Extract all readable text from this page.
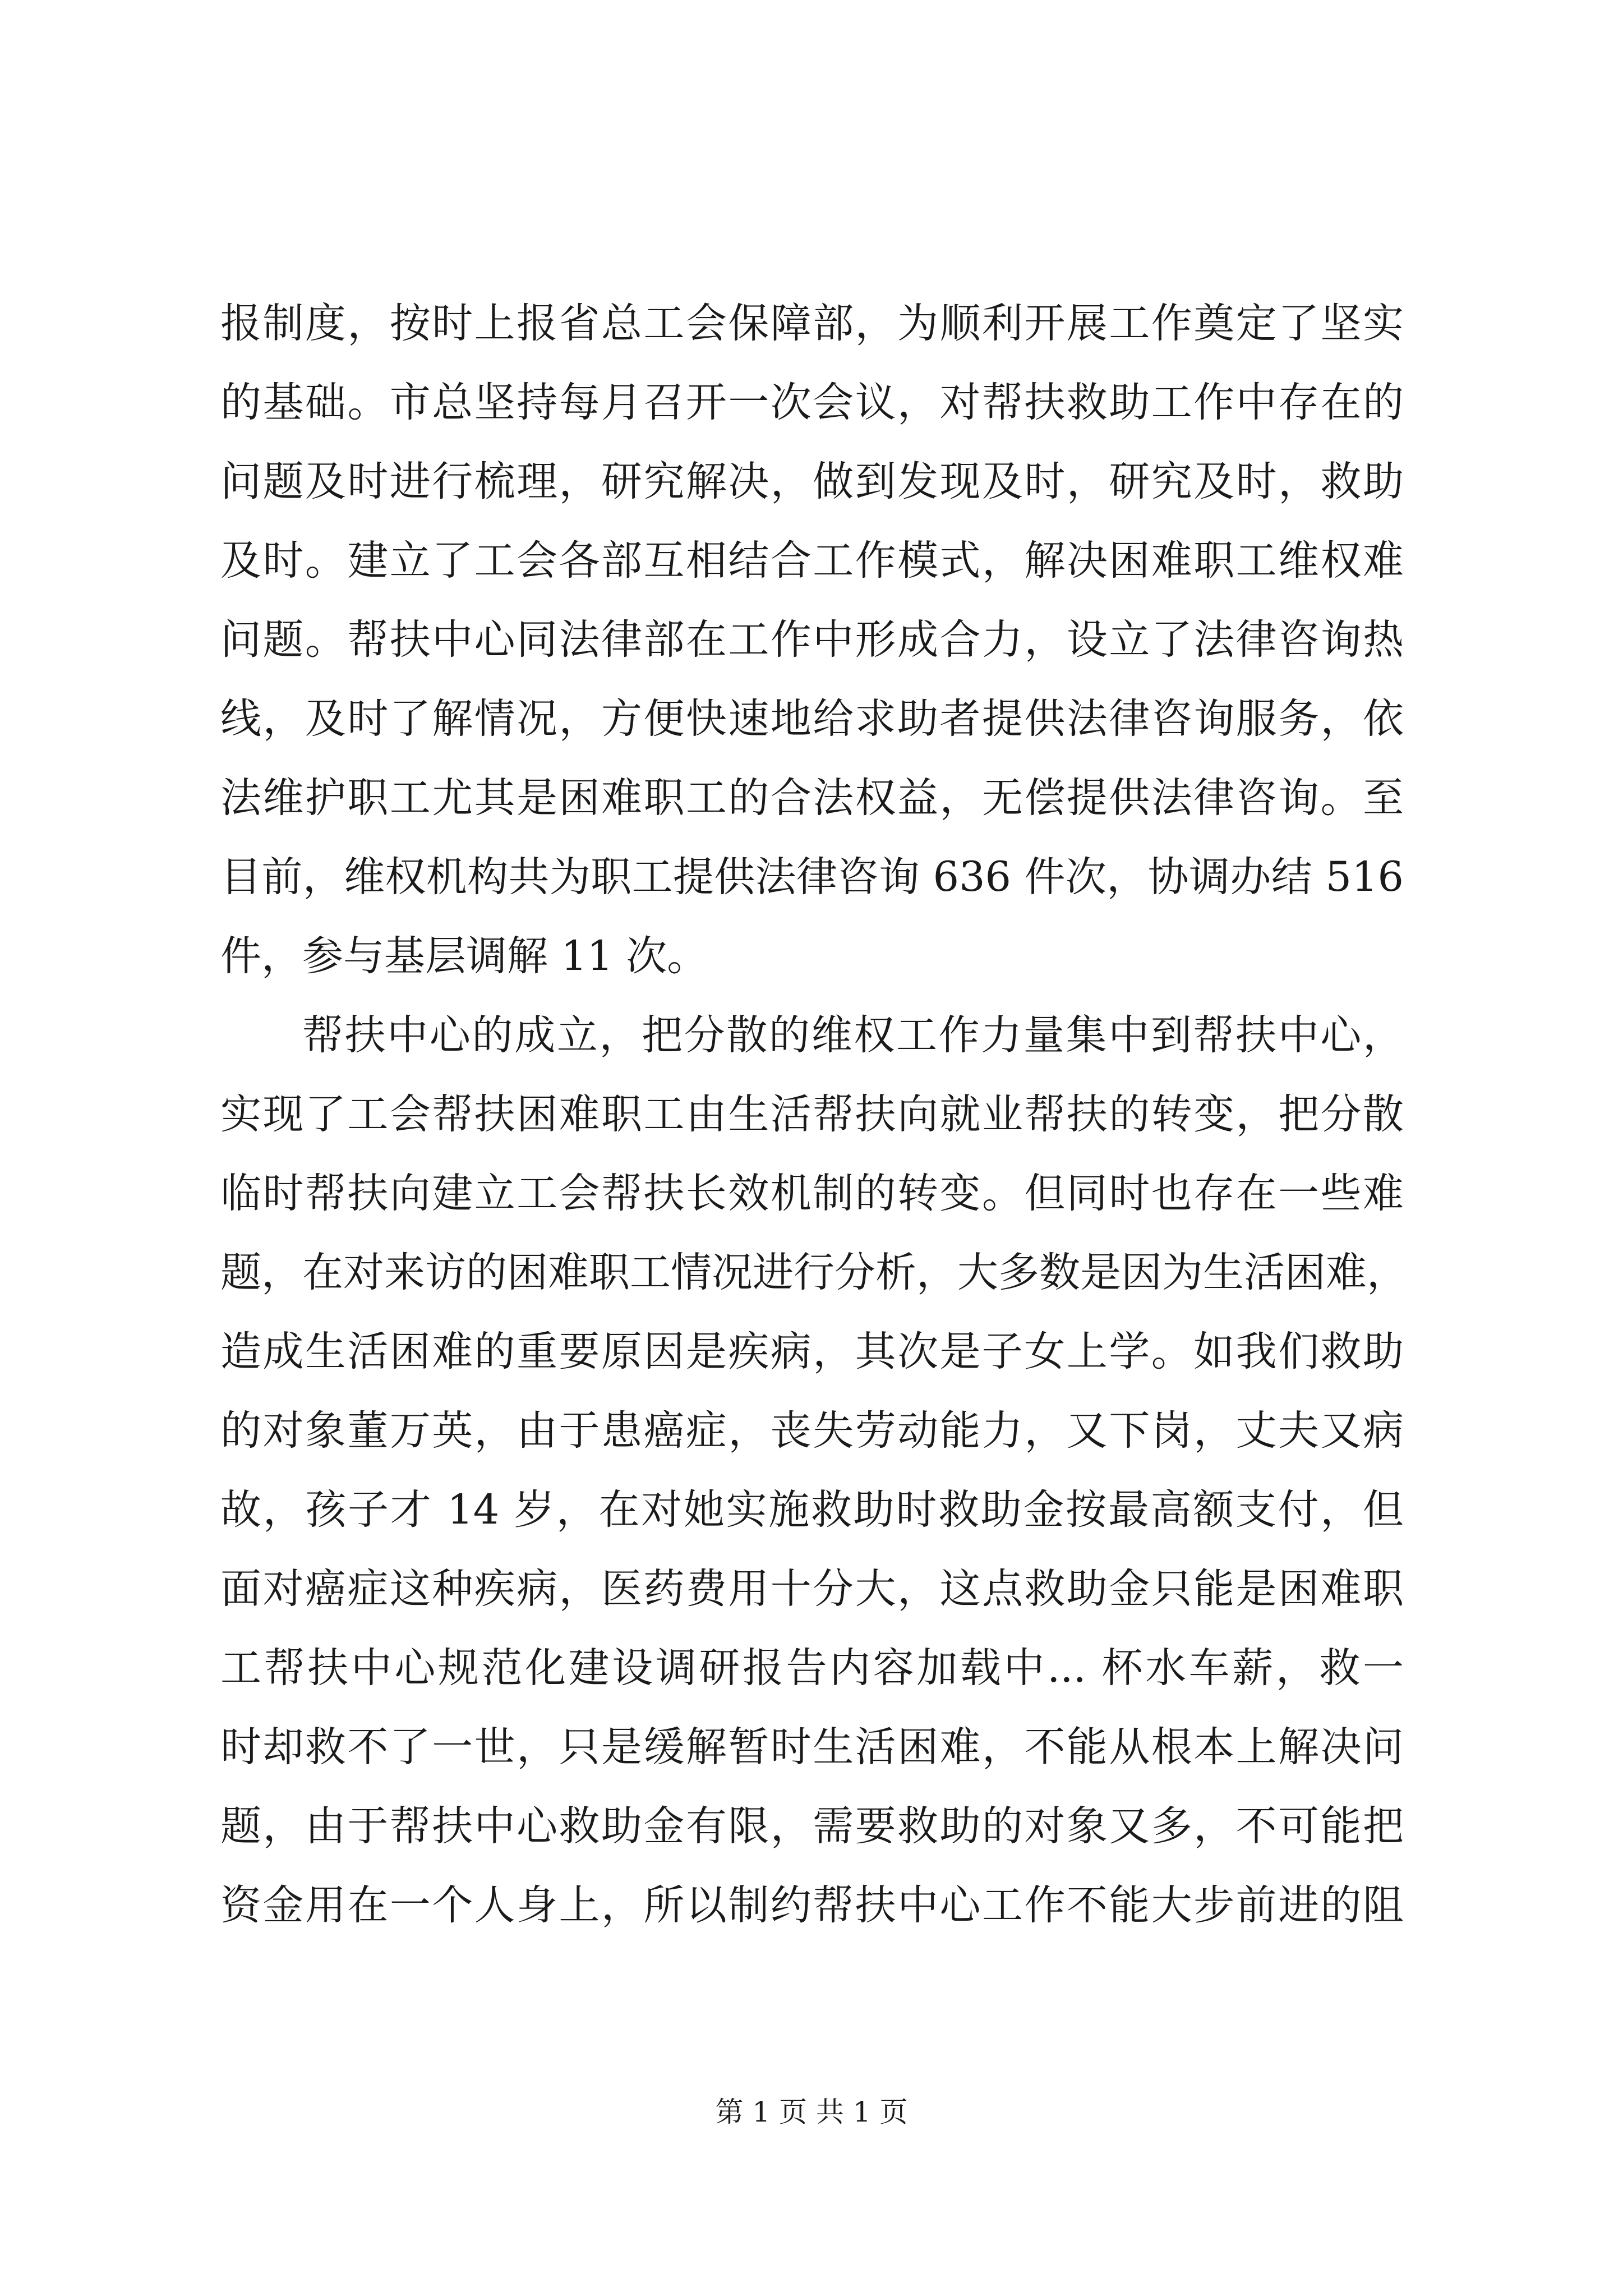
报制度，按时上报省总工会保障部，为顺利开展工作奠定了坚实
的基础。市总坚持每月召开一次会议，对帮扶救助工作中存在的
问题及时进行梳理，研究解决，做到发现及时，研究及时，救助
及时。建立了工会各部互相结合工作模式，解决困难职工维权难
问题。帮扶中心同法律部在工作中形成合力，设立了法律咨询热
线，及时了解情况，方便快速地给求助者提供法律咨询服务，依
法维护职工尤其是困难职工的合法权益，无偿提供法律咨询。至
目前，维权机构共为职工提供法律咨询 636 件次，协调办结 516
件，参与基层调解 11 次。
帮扶中心的成立，把分散的维权工作力量集中到帮扶中心，
实现了工会帮扶困难职工由生活帮扶向就业帮扶的转变，把分散
临时帮扶向建立工会帮扶长效机制的转变。但同时也存在一些难
题，在对来访的困难职工情况进行分析，大多数是因为生活困难，
造成生活困难的重要原因是疾病，其次是子女上学。如我们救助
的对象董万英，由于患癌症，丧失劳动能力，又下岗，丈夫又病
故，孩子才 14 岁，在对她实施救助时救助金按最高额支付，但
面对癌症这种疾病，医药费用十分大，这点救助金只能是困难职
工帮扶中心规范化建设调研报告内容加载中... 杯水车薪，救一
时却救不了一世，只是缓解暂时生活困难，不能从根本上解决问
题，由于帮扶中心救助金有限，需要救助的对象又多，不可能把
资金用在一个人身上，所以制约帮扶中心工作不能大步前进的阻
第 1 页 共 1 页
